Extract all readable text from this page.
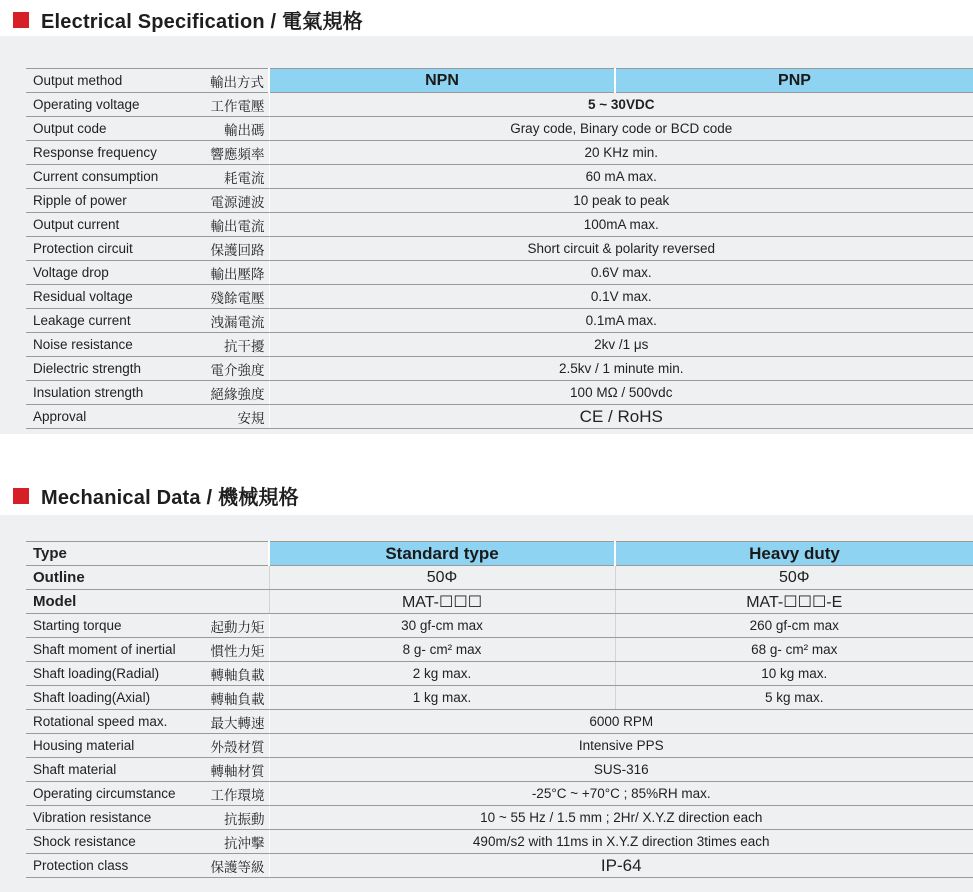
Electrical Specification / 電氣規格
Output method	輸出方式	NPN	PNP
Operating voltage	工作電壓	5 ~ 30VDC	
Output code	輸出碼	Gray code, Binary code or BCD code	
Response frequency	響應頻率	20 KHz min.	
Current consumption	耗電流	60 mA max.	
Ripple of power	電源漣波	10 peak to peak	
Output current	輸出電流	100mA max.	
Protection circuit	保護回路	Short circuit & polarity reversed	
Voltage drop	輸出壓降	0.6V max.	
Residual voltage	殘餘電壓	0.1V max.	
Leakage current	洩漏電流	0.1mA max.	
Noise resistance	抗干擾	2kv /1 μs	
Dielectric strength	電介強度	2.5kv / 1 minute min.	
Insulation strength	絕緣強度	100 MΩ / 500vdc	
Approval	安規	CE / RoHS	
Mechanical Data / 機械規格
Type		Standard type	Heavy duty
Outline		50Φ	50Φ
Model		MAT-☐☐☐	MAT-☐☐☐-E
Starting torque	起動力矩	30 gf-cm max	260 gf-cm max
Shaft moment of inertial	慣性力矩	8 g- cm² max	68 g- cm² max
Shaft loading(Radial)	轉軸負載	2 kg max.	10 kg max.
Shaft loading(Axial)	轉軸負載	1 kg max.	5 kg max.
Rotational speed max.	最大轉速	6000 RPM	
Housing material	外殼材質	Intensive PPS	
Shaft material	轉軸材質	SUS-316	
Operating circumstance	工作環境	-25°C ~ +70°C ; 85%RH max.	
Vibration resistance	抗振動	10 ~ 55 Hz / 1.5 mm ; 2Hr/ X.Y.Z direction each	
Shock resistance	抗沖擊	490m/s2 with 11ms in X.Y.Z direction 3times each	
Protection class	保護等級	IP-64	
